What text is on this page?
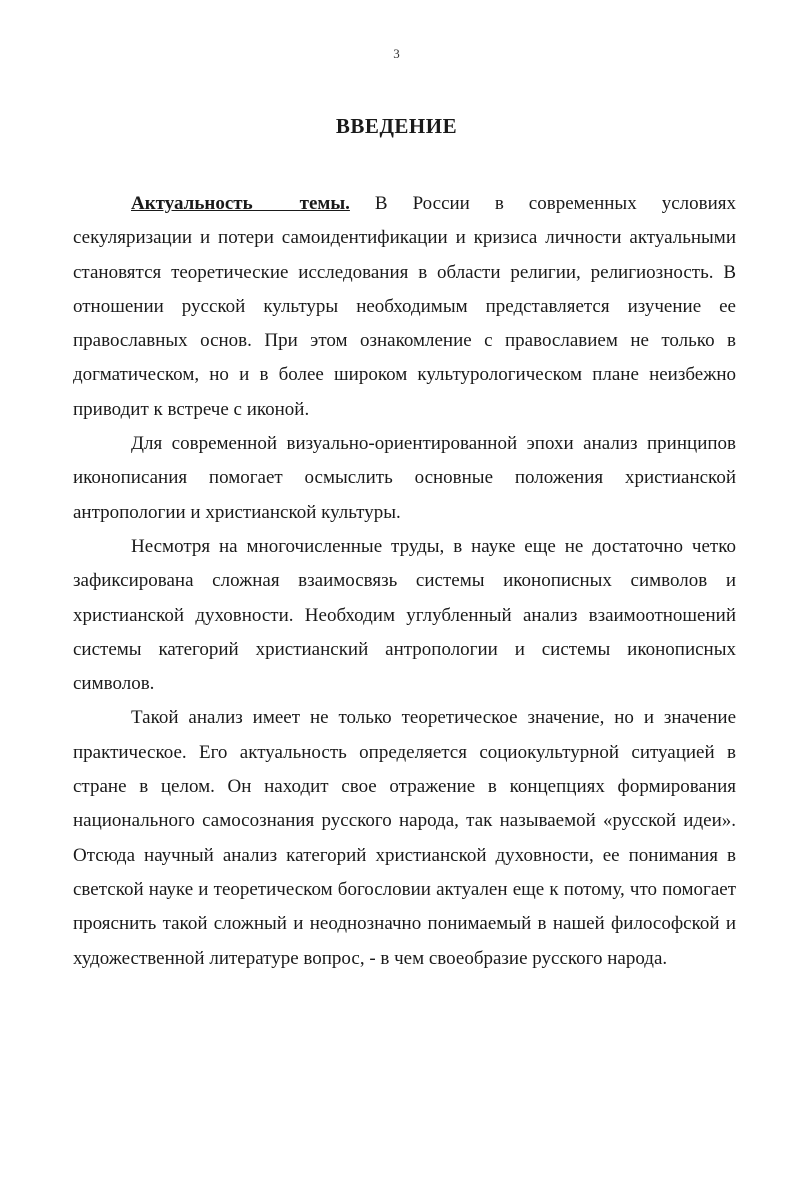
3
ВВЕДЕНИЕ

Актуальность темы. В России в современных условиях секуляризации и потери самоидентификации и кризиса личности актуальными становятся теоретические исследования в области религии, религиозность. В отношении русской культуры необходимым представляется изучение ее православных основ. При этом ознакомление с православием не только в догматическом, но и в более широком культурологическом плане неизбежно приводит к встрече с иконой.

Для современной визуально-ориентированной эпохи анализ принципов иконописания помогает осмыслить основные положения христианской антропологии и христианской культуры.

Несмотря на многочисленные труды, в науке еще не достаточно четко зафиксирована сложная взаимосвязь системы иконописных символов и христианской духовности. Необходим углубленный анализ взаимоотношений системы категорий христианский антропологии и системы иконописных символов.

Такой анализ имеет не только теоретическое значение, но и значение практическое. Его актуальность определяется социокультурной ситуацией в стране в целом. Он находит свое отражение в концепциях формирования национального самосознания русского народа, так называемой «русской идеи». Отсюда научный анализ категорий христианской духовности, ее понимания в светской науке и теоретическом богословии актуален еще к потому, что помогает прояснить такой сложный и неоднозначно понимаемый в нашей философской и художественной литературе вопрос, - в чем своеобразие русского народа.
